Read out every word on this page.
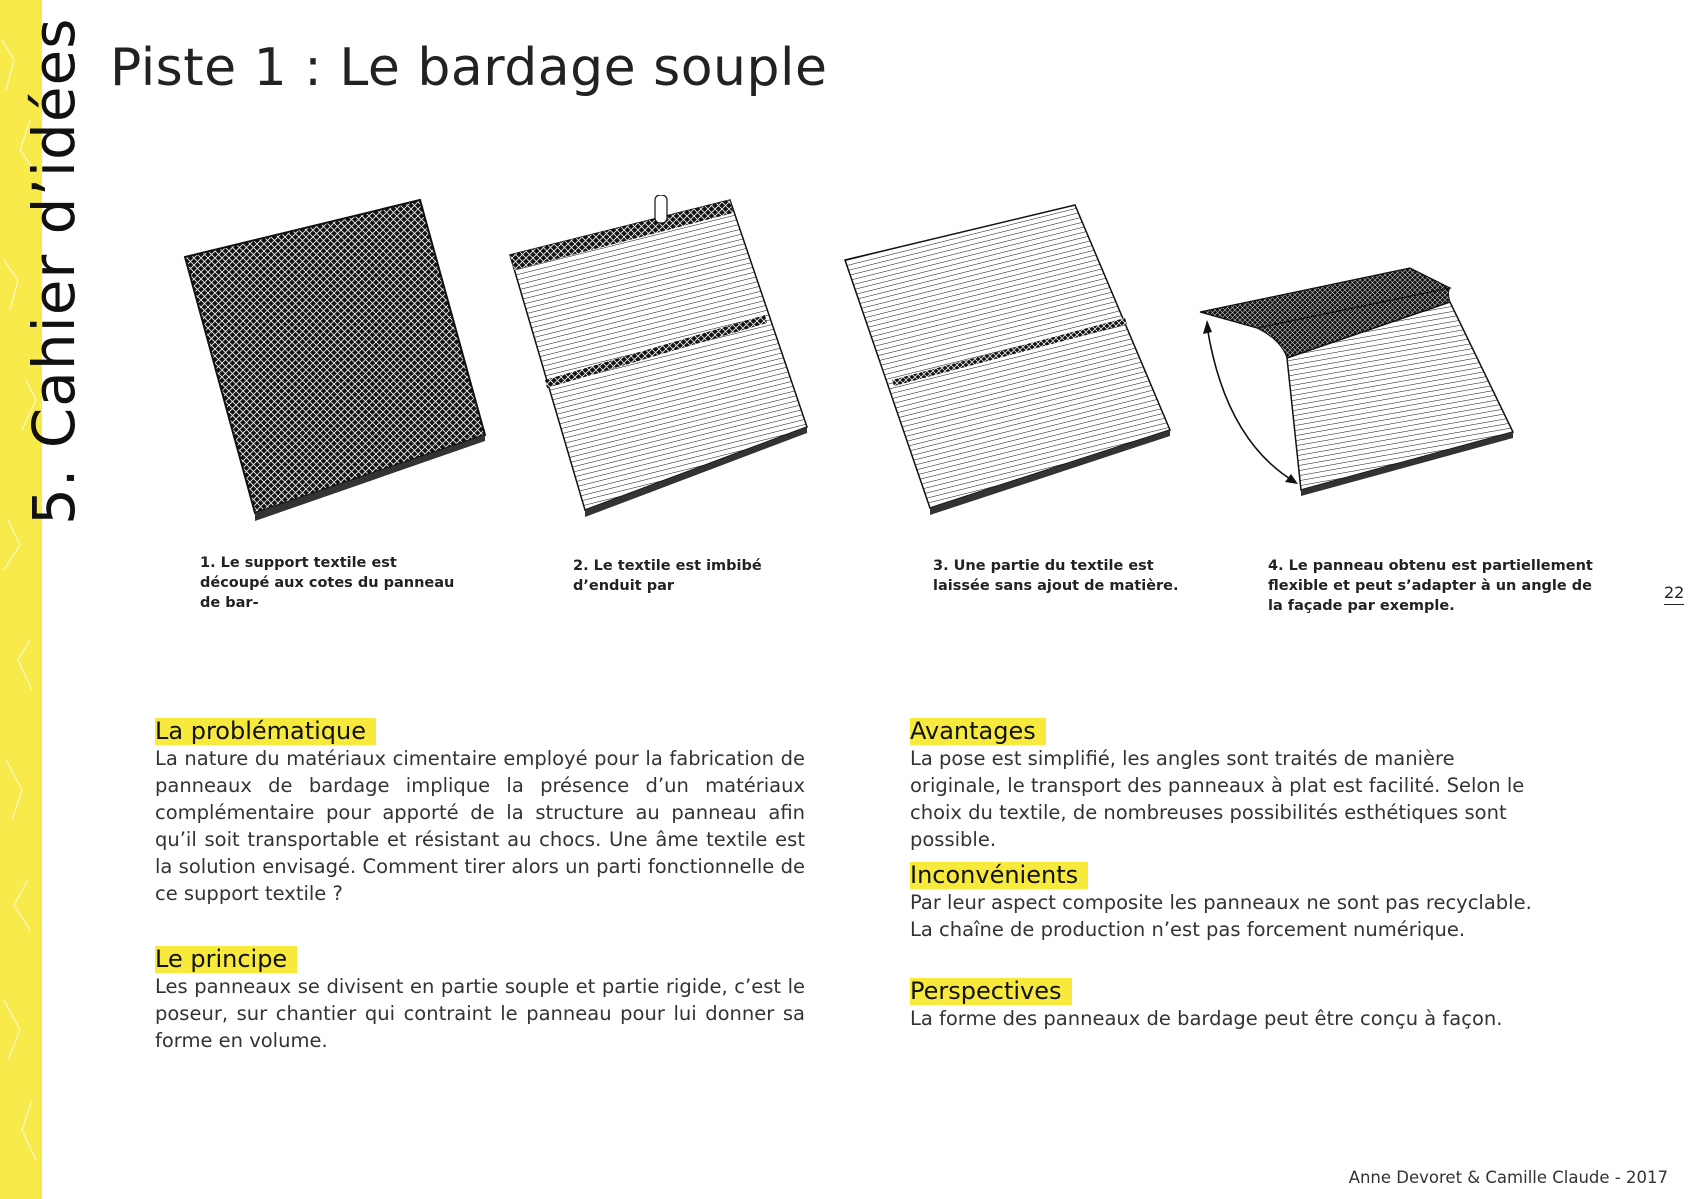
5. Cahier d’idées Piste 1 : Le bardage souple
1. Le support textile est découpé aux cotes du panneau de bar-
2. Le textile est imbibé d’enduit par
3. Une partie du textile est laissée sans ajout de matière.
4. Le panneau obtenu est partiellement flexible et peut s’adapter à un angle de la façade par exemple.
22
La problématique

La nature du matériaux cimentaire employé pour la fabrication de panneaux de bardage implique la présence d’un matériaux complémentaire pour apporté de la structure au panneau afin qu’il soit transportable et résistant au chocs. Une âme textile est la solution envisagé. Comment tirer alors un parti fonctionnelle de ce support textile ?

Le principe

Les panneaux se divisent en partie souple et partie rigide, c’est le poseur, sur chantier qui contraint le panneau pour lui donner sa forme en volume.

Avantages

La pose est simplifié, les angles sont traités de manière originale, le transport des panneaux à plat est facilité. Selon le choix du textile, de nombreuses possibilités esthétiques sont possible.

Inconvénients

Par leur aspect composite les panneaux ne sont pas recyclable. La chaîne de production n’est pas forcement numérique.

Perspectives

La forme des panneaux de bardage peut être conçu à façon.

Anne Devoret & Camille Claude - 2017
